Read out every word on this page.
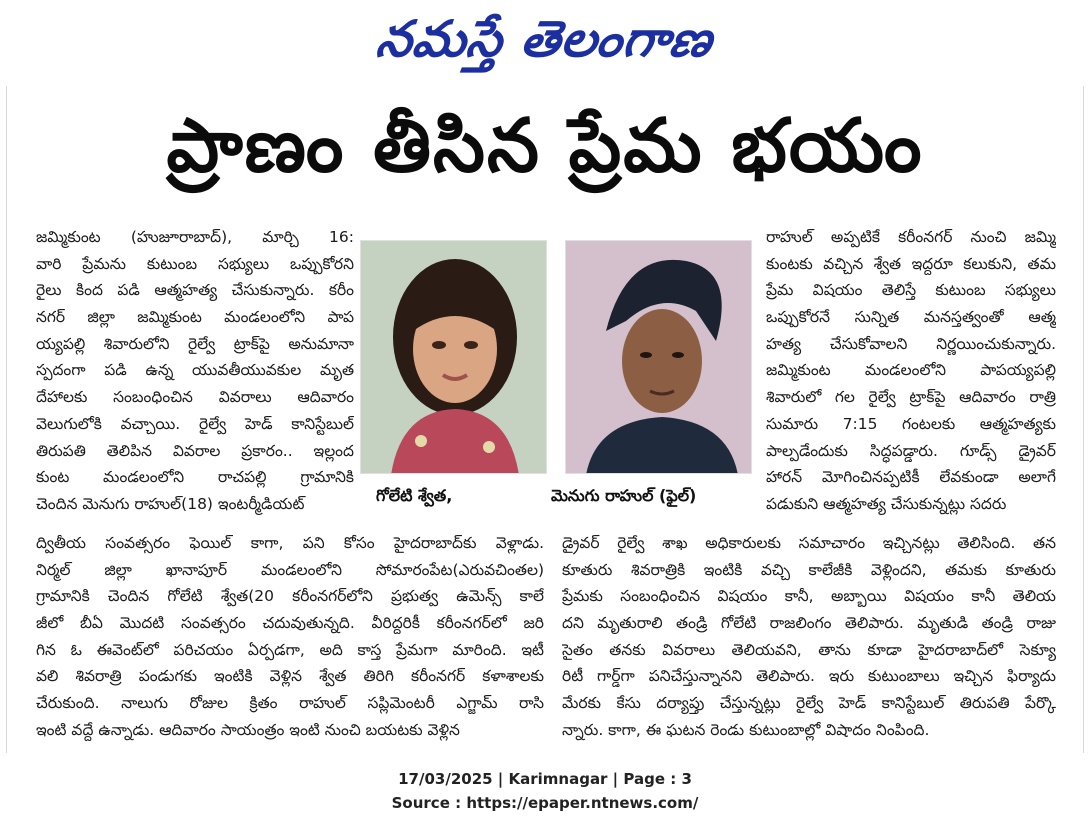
నమస్తే తెలంగాణ
ప్రాణం తీసిన ప్రేమ భయం
జమ్మికుంట (హుజూరాబాద్), మార్చి 16:
వారి ప్రేమను కుటుంబ సభ్యులు ఒప్పుకోరని
రైలు కింద పడి ఆత్మహత్య చేసుకున్నారు. కరీం
నగర్ జిల్లా జమ్మికుంట మండలంలోని పాప
య్యపల్లి శివారులోని రైల్వే ట్రాక్‌పై అనుమానా
స్పదంగా పడి ఉన్న యువతీయువకుల మృత
దేహాలకు సంబంధించిన వివరాలు ఆదివారం
వెలుగులోకి వచ్చాయి. రైల్వే హెడ్ కానిస్టేబుల్
తిరుపతి తెలిపిన వివరాల ప్రకారం.. ఇల్లంద
కుంట మండలంలోని రాచపల్లి గ్రామానికి
చెందిన మెనుగు రాహుల్(18) ఇంటర్మీడియట్
రాహుల్ అప్పటికే కరీంనగర్ నుంచి జమ్మి
కుంటకు వచ్చిన శ్వేత ఇద్దరూ కలుకుని, తమ
ప్రేమ విషయం తెలిస్తే కుటుంబ సభ్యులు
ఒప్పుకోరనే సున్నిత మనస్తత్వంతో ఆత్మ
హత్య చేసుకోవాలని నిర్ణయించుకున్నారు.
జమ్మికుంట మండలంలోని పాపయ్యపల్లి
శివారులో గల రైల్వే ట్రాక్‌పై ఆదివారం రాత్రి
సుమారు 7:15 గంటలకు ఆత్మహత్యకు
పాల్పడేందుకు సిద్ధపడ్డారు. గూడ్స్ డ్రైవర్
హారన్ మోగించినప్పటికీ లేవకుండా అలాగే
పడుకుని ఆత్మహత్య చేసుకున్నట్లు సదరు
గోలేటి శ్వేత,	మెనుగు రాహుల్ (ఫైల్)
ద్వితీయ సంవత్సరం ఫెయిల్ కాగా, పని కోసం హైదరాబాద్‌కు వెళ్లాడు.
నిర్మల్ జిల్లా ఖానాపూర్ మండలంలోని సోమారంపేట(ఎరువచింతల)
గ్రామానికి చెందిన గోలేటి శ్వేత(20 కరీంనగర్‌లోని ప్రభుత్వ ఉమెన్స్ కాలే
జీలో బీఏ మొదటి సంవత్సరం చదువుతున్నది. వీరిద్దరికీ కరీంనగర్‌లో జరి
గిన ఓ ఈవెంట్‌లో పరిచయం ఏర్పడగా, అది కాస్త ప్రేమగా మారింది. ఇటీ
వలి శివరాత్రి పండుగకు ఇంటికి వెళ్లిన శ్వేత తిరిగి కరీంనగర్ కళాశాలకు
చేరుకుంది. నాలుగు రోజుల క్రితం రాహుల్ సప్లిమెంటరీ ఎగ్జామ్ రాసి
ఇంటి వద్దే ఉన్నాడు. ఆదివారం సాయంత్రం ఇంటి నుంచి బయటకు వెళ్లిన
డ్రైవర్ రైల్వే శాఖ అధికారులకు సమాచారం ఇచ్చినట్లు తెలిసింది. తన
కూతురు శివరాత్రికి ఇంటికి వచ్చి కాలేజీకి వెళ్లిందని, తమకు కూతురు
ప్రేమకు సంబంధించిన విషయం కానీ, అబ్బాయి విషయం కానీ తెలియ
దని మృతురాలి తండ్రి గోలేటి రాజలింగం తెలిపారు. మృతుడి తండ్రి రాజు
సైతం తనకు వివరాలు తెలియవని, తాను కూడా హైదరాబాద్‌లో సెక్యూ
రిటీ గార్డ్‌గా పనిచేస్తున్నానని తెలిపారు. ఇరు కుటుంబాలు ఇచ్చిన ఫిర్యాదు
మేరకు కేసు దర్యాప్తు చేస్తున్నట్లు రైల్వే హెడ్ కానిస్టేబుల్ తిరుపతి పేర్కొ
న్నారు. కాగా, ఈ ఘటన రెండు కుటుంబాల్లో విషాదం నింపింది.
17/03/2025 | Karimnagar | Page : 3
Source : https://epaper.ntnews.com/
